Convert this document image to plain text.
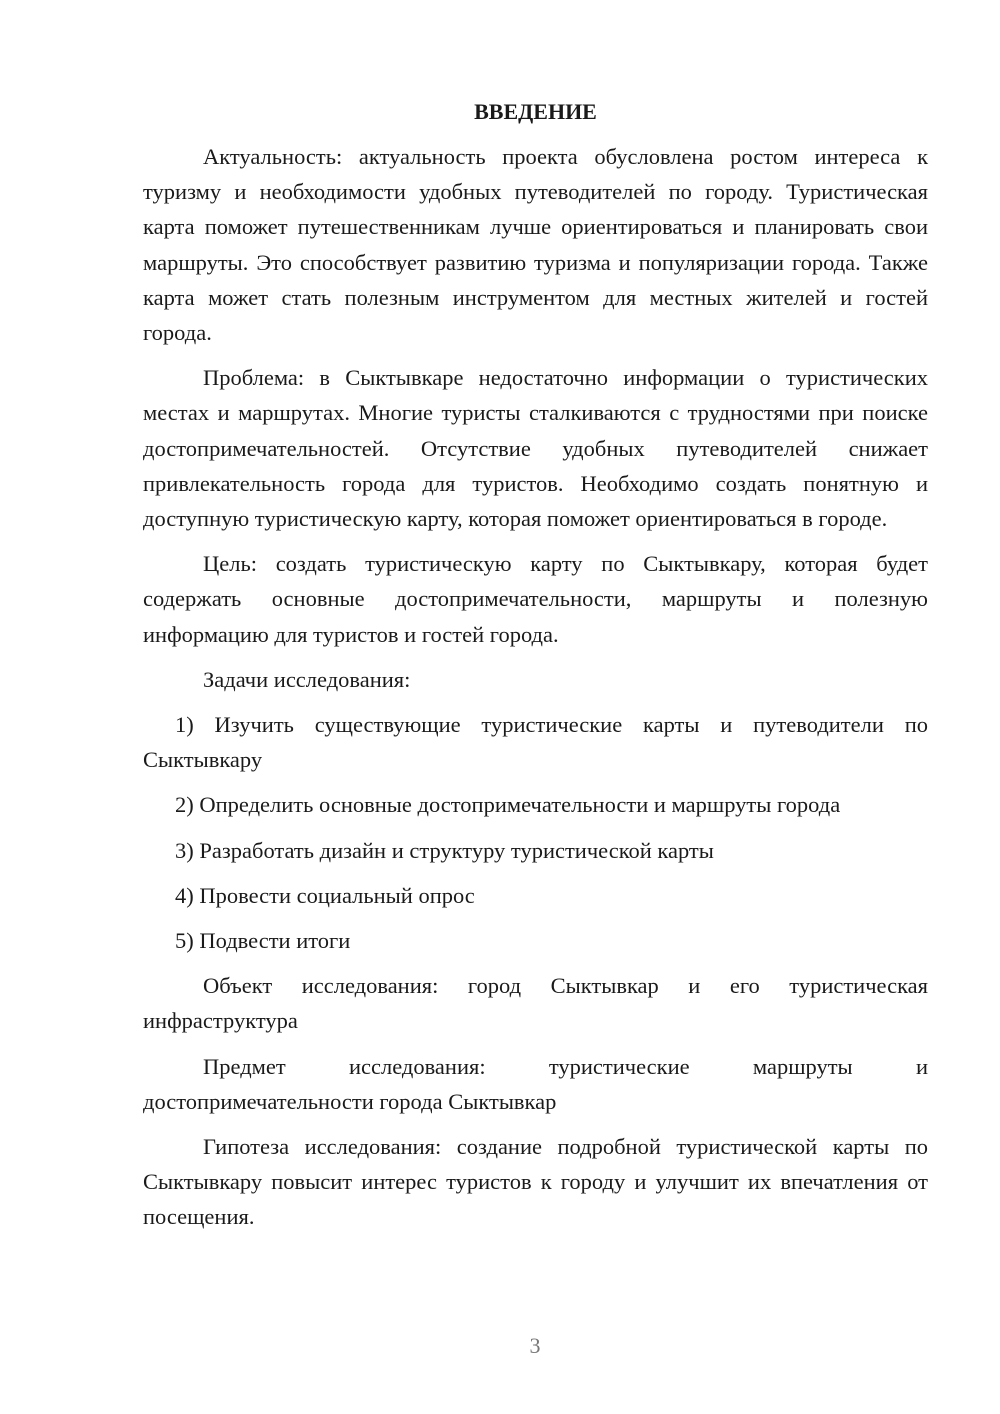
ВВЕДЕНИЕ

Актуальность: актуальность проекта обусловлена ростом интереса к туризму и необходимости удобных путеводителей по городу. Туристическая карта поможет путешественникам лучше ориентироваться и планировать свои маршруты. Это способствует развитию туризма и популяризации города. Также карта может стать полезным инструментом для местных жителей и гостей города.

Проблема: в Сыктывкаре недостаточно информации о туристических местах и маршрутах. Многие туристы сталкиваются с трудностями при поиске достопримечательностей. Отсутствие удобных путеводителей снижает привлекательность города для туристов. Необходимо создать понятную и доступную туристическую карту, которая поможет ориентироваться в городе.

Цель: создать туристическую карту по Сыктывкару, которая будет содержать основные достопримечательности, маршруты и полезную информацию для туристов и гостей города.

Задачи исследования:

1) Изучить существующие туристические карты и путеводители по Сыктывкару

2) Определить основные достопримечательности и маршруты города

3) Разработать дизайн и структуру туристической карты

4) Провести социальный опрос

5) Подвести итоги

Объект исследования: город Сыктывкар и его туристическая инфраструктура

Предмет исследования: туристические маршруты и достопримечательности города Сыктывкар

Гипотеза исследования: создание подробной туристической карты по Сыктывкару повысит интерес туристов к городу и улучшит их впечатления от посещения.

3
